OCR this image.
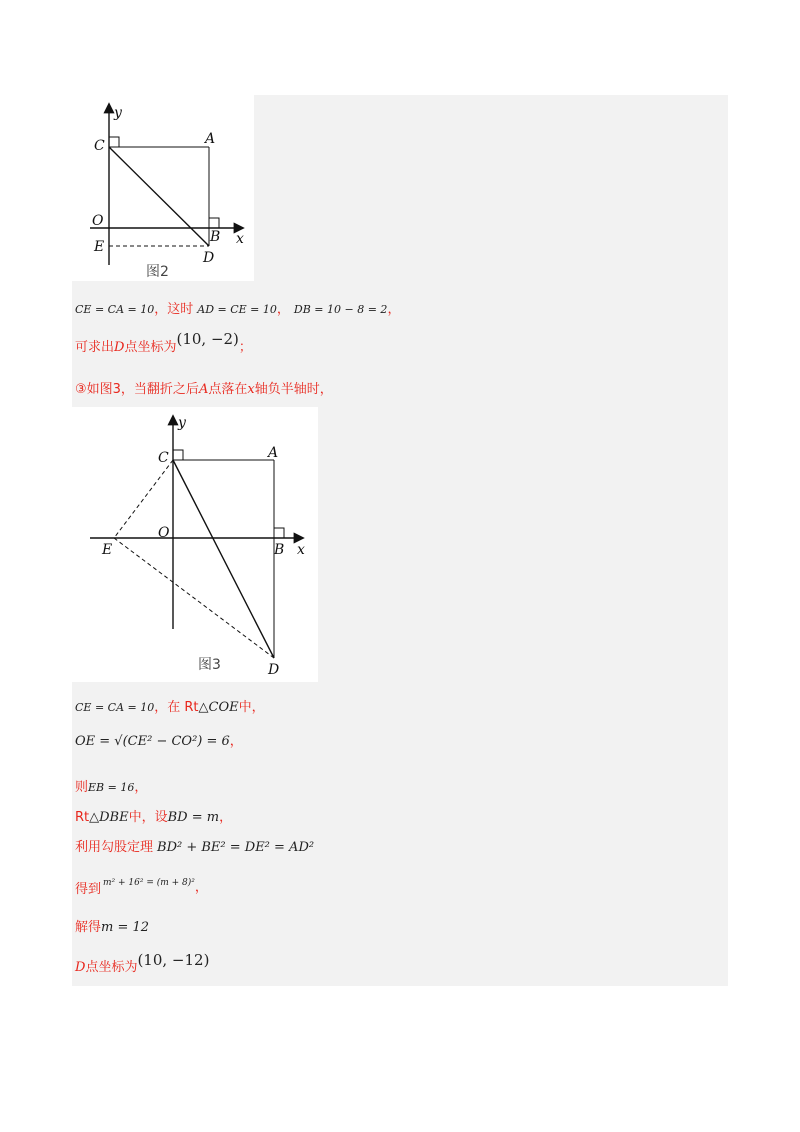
C	A
y
O
B x
E
D
图2
CE = CA = 10，这时 AD = CE = 10， DB = 10 − 8 = 2，
可求出D点坐标为(10, −2)；
③如图3，当翻折之后A点落在x轴负半轴时，
C	A
y
O
B x
E
D
图3
CE = CA = 10，在 Rt△COE中，
OE = √(CE² − CO²) = 6，
则EB = 16，
Rt△DBE中，设BD = m，
利用勾股定理 BD² + BE² = DE² = AD²
得到 m² + 16² = (m + 8)²，
解得m = 12
D点坐标为(10, −12)
